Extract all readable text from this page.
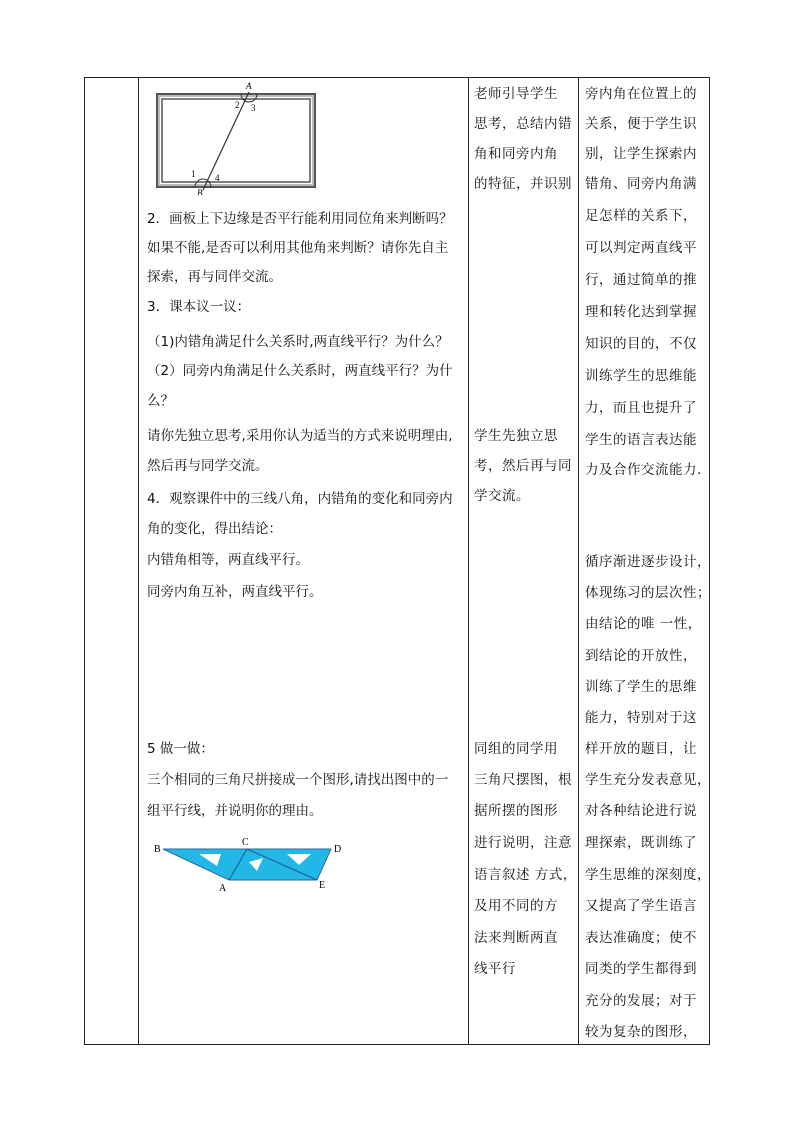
A
2 3
1 4
B
2．画板上下边缘是否平行能利用同位角来判断吗？
如果不能,是否可以利用其他角来判断？请你先自主
探索，再与同伴交流。
3．课本议一议：
（1)内错角满足什么关系时,两直线平行？为什么？
（2）同旁内角满足什么关系时，两直线平行？为什
么？
请你先独立思考,采用你认为适当的方式来说明理由,
然后再与同学交流。
4．观察课件中的三线八角，内错角的变化和同旁内
角的变化，得出结论：
内错角相等，两直线平行。
同旁内角互补，两直线平行。
5 做一做：
三个相同的三角尺拼接成一个图形,请找出图中的一
组平行线，并说明你的理由。
B
C
D
A	E
老师引导学生
思考，总结内错
角和同旁内角
的特征，并识别
学生先独立思
考，然后再与同
学交流。
同组的同学用
三角尺摆图，根
据所摆的图形
进行说明，注意
语言叙述 方式，
及用不同的方
法来判断两直
线平行
旁内角在位置上的
关系，便于学生识
别，让学生探索内
错角、同旁内角满
足怎样的关系下，
可以判定两直线平
行，通过简单的推
理和转化达到掌握
知识的目的，不仅
训练学生的思维能
力，而且也提升了
学生的语言表达能
力及合作交流能力.
循序渐进逐步设计，
体现练习的层次性；
由结论的唯 一性，
到结论的开放性，
训练了学生的思维
能力，特别对于这
样开放的题目，让
学生充分发表意见，
对各种结论进行说
理探索，既训练了
学生思维的深刻度，
又提高了学生语言
表达准确度；使不
同类的学生都得到
充分的发展；对于
较为复杂的图形，
